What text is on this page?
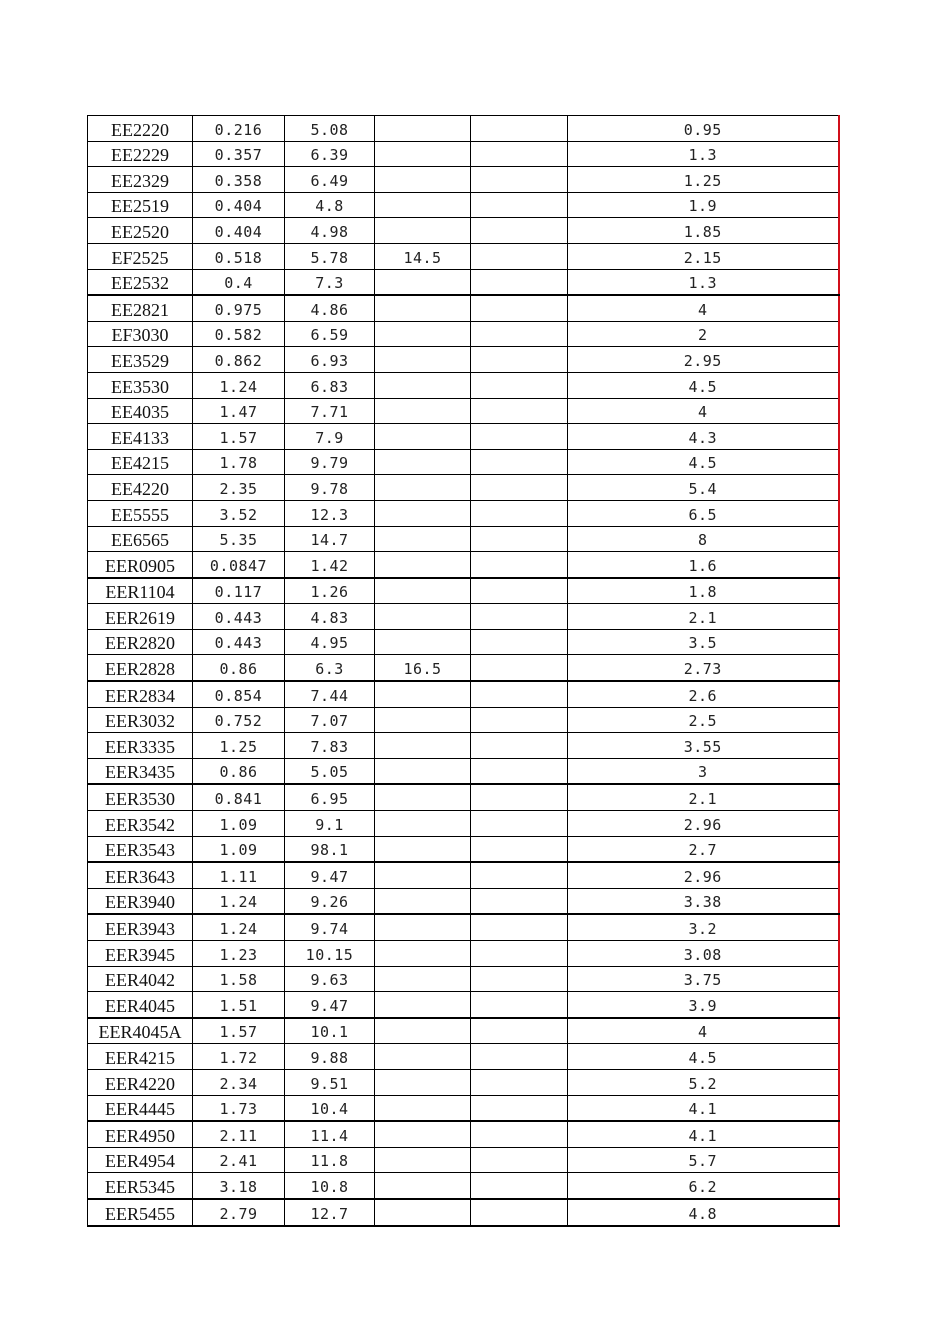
EE2220	0.216	5.08			0.95
EE2229	0.357	6.39			1.3
EE2329	0.358	6.49			1.25
EE2519	0.404	4.8			1.9
EE2520	0.404	4.98			1.85
EF2525	0.518	5.78	14.5		2.15
EE2532	0.4	7.3			1.3
EE2821	0.975	4.86			4
EF3030	0.582	6.59			2
EE3529	0.862	6.93			2.95
EE3530	1.24	6.83			4.5
EE4035	1.47	7.71			4
EE4133	1.57	7.9			4.3
EE4215	1.78	9.79			4.5
EE4220	2.35	9.78			5.4
EE5555	3.52	12.3			6.5
EE6565	5.35	14.7			8
EER0905	0.0847	1.42			1.6
EER1104	0.117	1.26			1.8
EER2619	0.443	4.83			2.1
EER2820	0.443	4.95			3.5
EER2828	0.86	6.3	16.5		2.73
EER2834	0.854	7.44			2.6
EER3032	0.752	7.07			2.5
EER3335	1.25	7.83			3.55
EER3435	0.86	5.05			3
EER3530	0.841	6.95			2.1
EER3542	1.09	9.1			2.96
EER3543	1.09	98.1			2.7
EER3643	1.11	9.47			2.96
EER3940	1.24	9.26			3.38
EER3943	1.24	9.74			3.2
EER3945	1.23	10.15			3.08
EER4042	1.58	9.63			3.75
EER4045	1.51	9.47			3.9
EER4045A	1.57	10.1			4
EER4215	1.72	9.88			4.5
EER4220	2.34	9.51			5.2
EER4445	1.73	10.4			4.1
EER4950	2.11	11.4			4.1
EER4954	2.41	11.8			5.7
EER5345	3.18	10.8			6.2
EER5455	2.79	12.7			4.8
